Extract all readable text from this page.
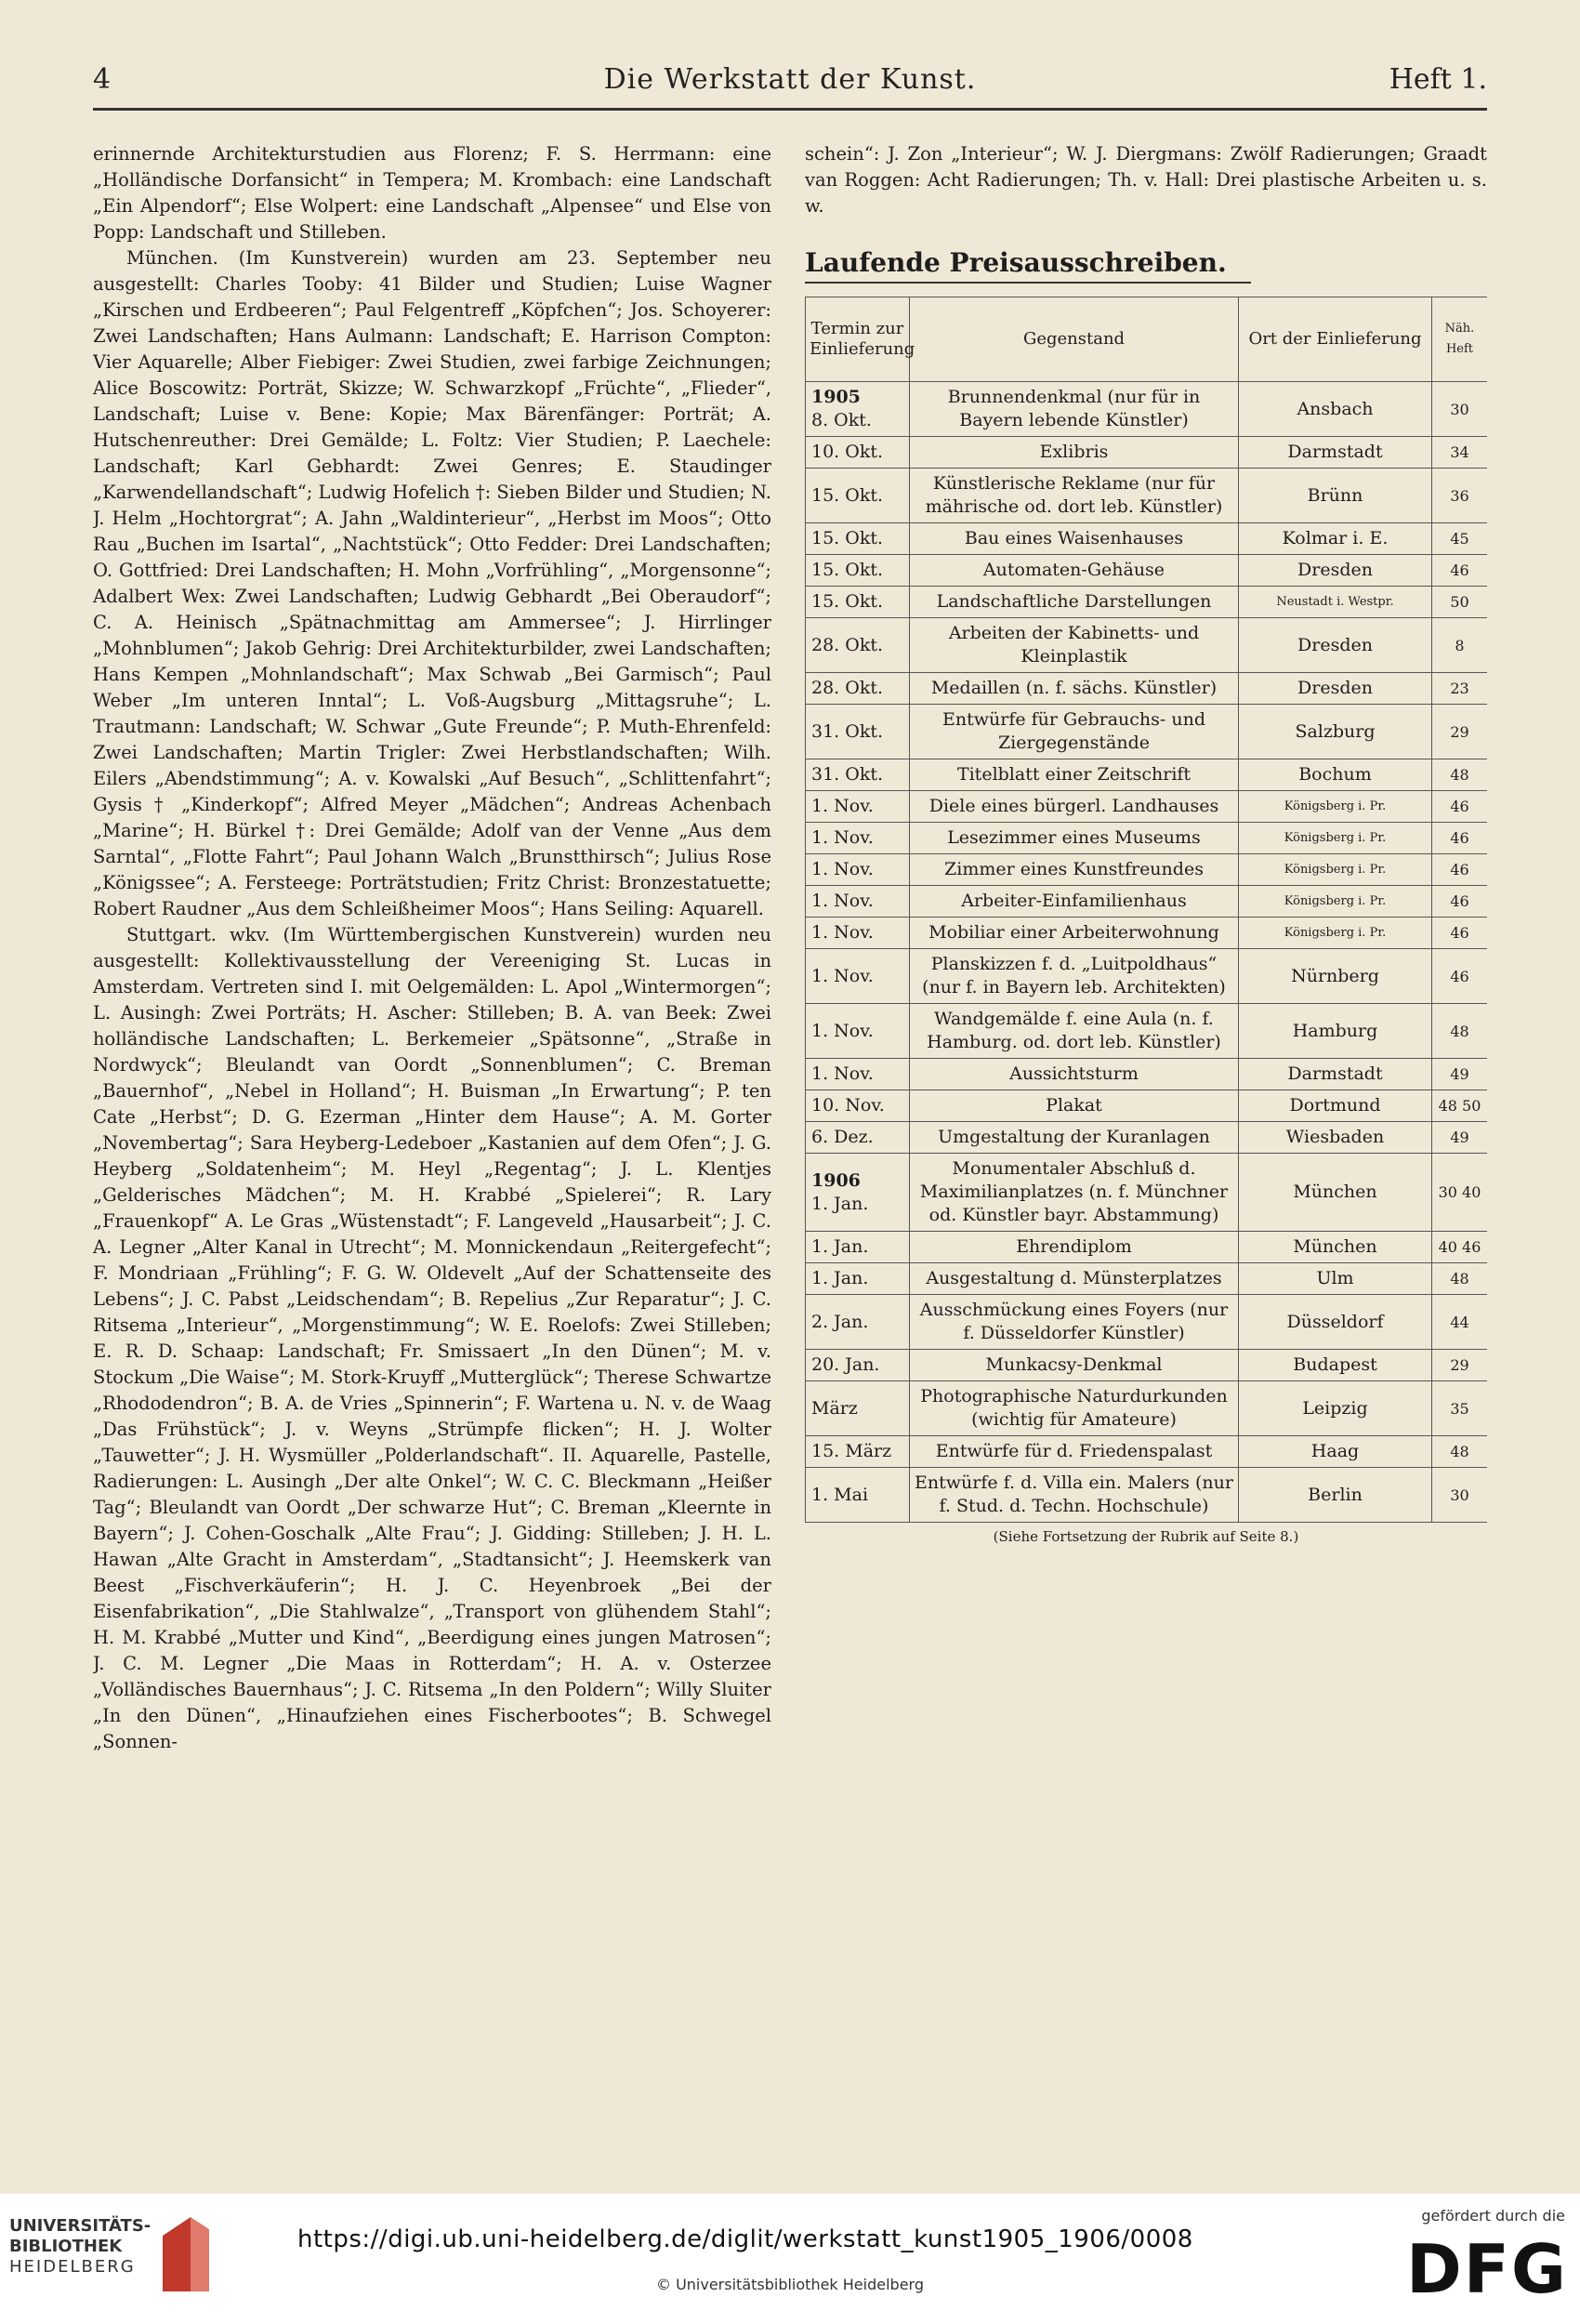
4	Die Werkstatt der Kunst.	Heft 1.

erinnernde Architekturstudien aus Florenz; F. S. Herrmann: eine „Holländische Dorfansicht“ in Tempera; M. Krombach: eine Landschaft „Ein Alpendorf“; Else Wolpert: eine Landschaft „Alpensee“ und Else von Popp: Landschaft und Stilleben.

München. (Im Kunstverein) wurden am 23. September neu ausgestellt: Charles Tooby: 41 Bilder und Studien; Luise Wagner „Kirschen und Erdbeeren“; Paul Felgentreff „Köpfchen“; Jos. Schoyerer: Zwei Landschaften; Hans Aulmann: Landschaft; E. Harrison Compton: Vier Aquarelle; Alber Fiebiger: Zwei Studien, zwei farbige Zeichnungen; Alice Boscowitz: Porträt, Skizze; W. Schwarzkopf „Früchte“, „Flieder“, Landschaft; Luise v. Bene: Kopie; Max Bärenfänger: Porträt; A. Hutschenreuther: Drei Gemälde; L. Foltz: Vier Studien; P. Laechele: Landschaft; Karl Gebhardt: Zwei Genres; E. Staudinger „Karwendellandschaft“; Ludwig Hofelich †: Sieben Bilder und Studien; N. J. Helm „Hochtorgrat“; A. Jahn „Waldinterieur“, „Herbst im Moos“; Otto Rau „Buchen im Isartal“, „Nachtstück“; Otto Fedder: Drei Landschaften; O. Gottfried: Drei Landschaften; H. Mohn „Vorfrühling“, „Morgensonne“; Adalbert Wex: Zwei Landschaften; Ludwig Gebhardt „Bei Oberaudorf“; C. A. Heinisch „Spätnachmittag am Ammersee“; J. Hirrlinger „Mohnblumen“; Jakob Gehrig: Drei Architekturbilder, zwei Landschaften; Hans Kempen „Mohnlandschaft“; Max Schwab „Bei Garmisch“; Paul Weber „Im unteren Inntal“; L. Voß-Augsburg „Mittagsruhe“; L. Trautmann: Landschaft; W. Schwar „Gute Freunde“; P. Muth-Ehrenfeld: Zwei Landschaften; Martin Trigler: Zwei Herbstlandschaften; Wilh. Eilers „Abendstimmung“; A. v. Kowalski „Auf Besuch“, „Schlittenfahrt“; Gysis † „Kinderkopf“; Alfred Meyer „Mädchen“; Andreas Achenbach „Marine“; H. Bürkel †: Drei Gemälde; Adolf van der Venne „Aus dem Sarntal“, „Flotte Fahrt“; Paul Johann Walch „Brunstthirsch“; Julius Rose „Königssee“; A. Fersteege: Porträtstudien; Fritz Christ: Bronzestatuette; Robert Raudner „Aus dem Schleißheimer Moos“; Hans Seiling: Aquarell.

Stuttgart. wkv. (Im Württembergischen Kunstverein) wurden neu ausgestellt: Kollektivausstellung der Vereeniging St. Lucas in Amsterdam. Vertreten sind I. mit Oelgemälden: L. Apol „Wintermorgen“; L. Ausingh: Zwei Porträts; H. Ascher: Stilleben; B. A. van Beek: Zwei holländische Landschaften; L. Berkemeier „Spätsonne“, „Straße in Nordwyck“; Bleulandt van Oordt „Sonnenblumen“; C. Breman „Bauernhof“, „Nebel in Holland“; H. Buisman „In Erwartung“; P. ten Cate „Herbst“; D. G. Ezerman „Hinter dem Hause“; A. M. Gorter „Novembertag“; Sara Heyberg-Ledeboer „Kastanien auf dem Ofen“; J. G. Heyberg „Soldatenheim“; M. Heyl „Regentag“; J. L. Klentjes „Gelderisches Mädchen“; M. H. Krabbé „Spielerei“; R. Lary „Frauenkopf“ A. Le Gras „Wüstenstadt“; F. Langeveld „Hausarbeit“; J. C. A. Legner „Alter Kanal in Utrecht“; M. Monnickendaun „Reitergefecht“; F. Mondriaan „Frühling“; F. G. W. Oldevelt „Auf der Schattenseite des Lebens“; J. C. Pabst „Leidschendam“; B. Repelius „Zur Reparatur“; J. C. Ritsema „Interieur“, „Morgenstimmung“; W. E. Roelofs: Zwei Stilleben; E. R. D. Schaap: Landschaft; Fr. Smissaert „In den Dünen“; M. v. Stockum „Die Waise“; M. Stork-Kruyff „Mutterglück“; Therese Schwartze „Rhododendron“; B. A. de Vries „Spinnerin“; F. Wartena u. N. v. de Waag „Das Frühstück“; J. v. Weyns „Strümpfe flicken“; H. J. Wolter „Tauwetter“; J. H. Wysmüller „Polderlandschaft“. II. Aquarelle, Pastelle, Radierungen: L. Ausingh „Der alte Onkel“; W. C. C. Bleckmann „Heißer Tag“; Bleulandt van Oordt „Der schwarze Hut“; C. Breman „Kleernte in Bayern“; J. Cohen-Goschalk „Alte Frau“; J. Gidding: Stilleben; J. H. L. Hawan „Alte Gracht in Amsterdam“, „Stadtansicht“; J. Heemskerk van Beest „Fischverkäuferin“; H. J. C. Heyenbroek „Bei der Eisenfabrikation“, „Die Stahlwalze“, „Transport von glühendem Stahl“; H. M. Krabbé „Mutter und Kind“, „Beerdigung eines jungen Matrosen“; J. C. M. Legner „Die Maas in Rotterdam“; H. A. v. Osterzee „Volländisches Bauernhaus“; J. C. Ritsema „In den Poldern“; Willy Sluiter „In den Dünen“, „Hinaufziehen eines Fischerbootes“; B. Schwegel „Sonnen-

schein“: J. Zon „Interieur“; W. J. Diergmans: Zwölf Radierungen; Graadt van Roggen: Acht Radierungen; Th. v. Hall: Drei plastische Arbeiten u. s. w.

Laufende Preisausschreiben.
Termin zur Einlieferung	Gegenstand	Ort der Einlieferung	Näh. Heft

1905
8. Okt.	Brunnendenkmal (nur für in Bayern lebende Künstler)	Ansbach	30
10. Okt.	Exlibris	Darmstadt	34
15. Okt.	Künstlerische Reklame (nur für mährische od. dort leb. Künstler)	Brünn	36
15. Okt.	Bau eines Waisenhauses	Kolmar i. E.	45
15. Okt.	Automaten-Gehäuse	Dresden	46
15. Okt.	Landschaftliche Darstellungen	Neustadt i. Westpr.	50
28. Okt.	Arbeiten der Kabinetts- und Kleinplastik	Dresden	8
28. Okt.	Medaillen (n. f. sächs. Künstler)	Dresden	23
31. Okt.	Entwürfe für Gebrauchs- und Ziergegenstände	Salzburg	29
31. Okt.	Titelblatt einer Zeitschrift	Bochum	48
1. Nov.	Diele eines bürgerl. Landhauses	Königsberg i. Pr.	46
1. Nov.	Lesezimmer eines Museums	Königsberg i. Pr.	46
1. Nov.	Zimmer eines Kunstfreundes	Königsberg i. Pr.	46
1. Nov.	Arbeiter-Einfamilienhaus	Königsberg i. Pr.	46
1. Nov.	Mobiliar einer Arbeiterwohnung	Königsberg i. Pr.	46
1. Nov.	Planskizzen f. d. „Luitpoldhaus“ (nur f. in Bayern leb. Architekten)	Nürnberg	46
1. Nov.	Wandgemälde f. eine Aula (n. f. Hamburg. od. dort leb. Künstler)	Hamburg	48
1. Nov.	Aussichtsturm	Darmstadt	49
10. Nov.	Plakat	Dortmund	48 50
6. Dez.	Umgestaltung der Kuranlagen	Wiesbaden	49

1906
1. Jan.	Monumentaler Abschluß d. Maximilianplatzes (n. f. Münchner od. Künstler bayr. Abstammung)	München	30 40
1. Jan.	Ehrendiplom	München	40 46
1. Jan.	Ausgestaltung d. Münsterplatzes	Ulm	48
2. Jan.	Ausschmückung eines Foyers (nur f. Düsseldorfer Künstler)	Düsseldorf	44
20. Jan.	Munkacsy-Denkmal	Budapest	29
März	Photographische Naturdurkunden (wichtig für Amateure)	Leipzig	35
15. März	Entwürfe für d. Friedenspalast	Haag	48
1. Mai	Entwürfe f. d. Villa ein. Malers (nur f. Stud. d. Techn. Hochschule)	Berlin	30
(Siehe Fortsetzung der Rubrik auf Seite 8.)
UNIVERSITÄTS-
BIBLIOTHEK
HEIDELBERG
https://digi.ub.uni-heidelberg.de/diglit/werkstatt_kunst1905_1906/0008
© Universitätsbibliothek Heidelberg
gefördert durch die
DFG
